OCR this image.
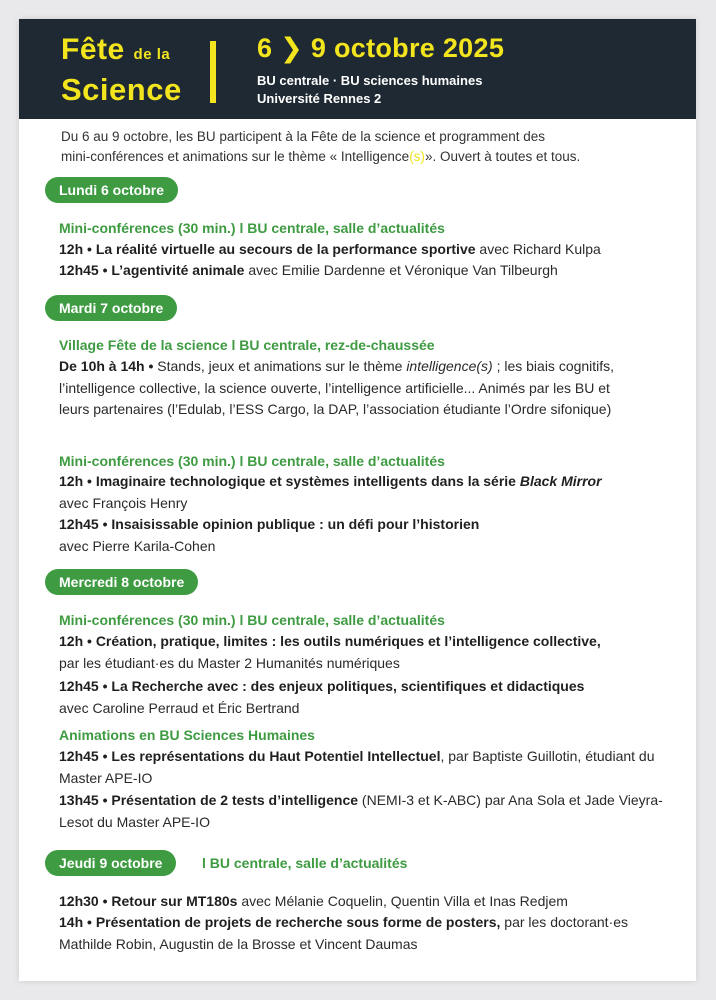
Fête de la
Science
6 ❯ 9 octobre 2025
BU centrale · BU sciences humaines
Université Rennes 2
Du 6 au 9 octobre, les BU participent à la Fête de la science et programment des
mini-conférences et animations sur le thème « Intelligence(s)». Ouvert à toutes et tous.
Lundi 6 octobre
Mini-conférences (30 min.) l BU centrale, salle d’actualités
12h • La réalité virtuelle au secours de la performance sportive avec Richard Kulpa
12h45 • L’agentivité animale avec Emilie Dardenne et Véronique Van Tilbeurgh
Mardi 7 octobre
Village Fête de la science l BU centrale, rez-de-chaussée
De 10h à 14h • Stands, jeux et animations sur le thème intelligence(s) ; les biais cognitifs, l’intelligence collective, la science ouverte, l’intelligence artificielle... Animés par les BU et leurs partenaires (l’Edulab, l’ESS Cargo, la DAP, l’association étudiante l’Ordre sifonique)
Mini-conférences (30 min.) l BU centrale, salle d’actualités
12h • Imaginaire technologique et systèmes intelligents dans la série Black Mirror avec François Henry
12h45 • Insaisissable opinion publique : un défi pour l’historien
avec Pierre Karila-Cohen
Mercredi 8 octobre
Mini-conférences (30 min.) l BU centrale, salle d’actualités
12h • Création, pratique, limites : les outils numériques et l’intelligence collective,
par les étudiant·es du Master 2 Humanités numériques
12h45 • La Recherche avec : des enjeux politiques, scientifiques et didactiques
avec Caroline Perraud et Éric Bertrand
Animations en BU Sciences Humaines
12h45 • Les représentations du Haut Potentiel Intellectuel, par Baptiste Guillotin, étudiant du Master APE-IO
13h45 • Présentation de 2 tests d’intelligence (NEMI-3 et K-ABC) par Ana Sola et Jade Vieyra-Lesot du Master APE-IO
Jeudi 9 octobre	l BU centrale, salle d’actualités
12h30 • Retour sur MT180s avec Mélanie Coquelin, Quentin Villa et Inas Redjem
14h • Présentation de projets de recherche sous forme de posters, par les doctorant·es Mathilde Robin, Augustin de la Brosse et Vincent Daumas
